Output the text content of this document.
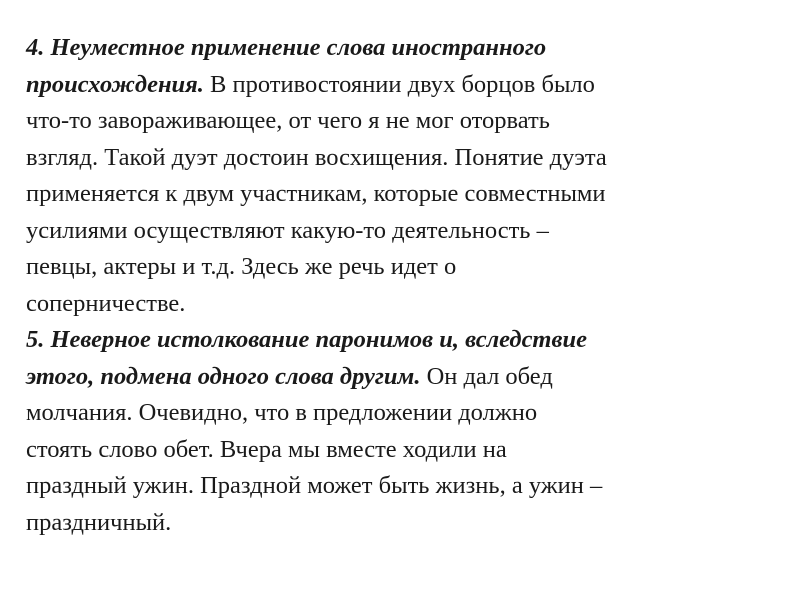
4. Неуместное применение слова иностранного
происхождения. В противостоянии двух борцов было
что-то завораживающее, от чего я не мог оторвать
взгляд. Такой дуэт достоин восхищения. Понятие дуэта
применяется к двум участникам, которые совместными
усилиями осуществляют какую-то деятельность –
певцы, актеры и т.д. Здесь же речь идет о
соперничестве.
5. Неверное истолкование паронимов и, вследствие
этого, подмена одного слова другим. Он дал обед
молчания. Очевидно, что в предложении должно
стоять слово обет. Вчера мы вместе ходили на
праздный ужин. Праздной может быть жизнь, а ужин –
праздничный.
